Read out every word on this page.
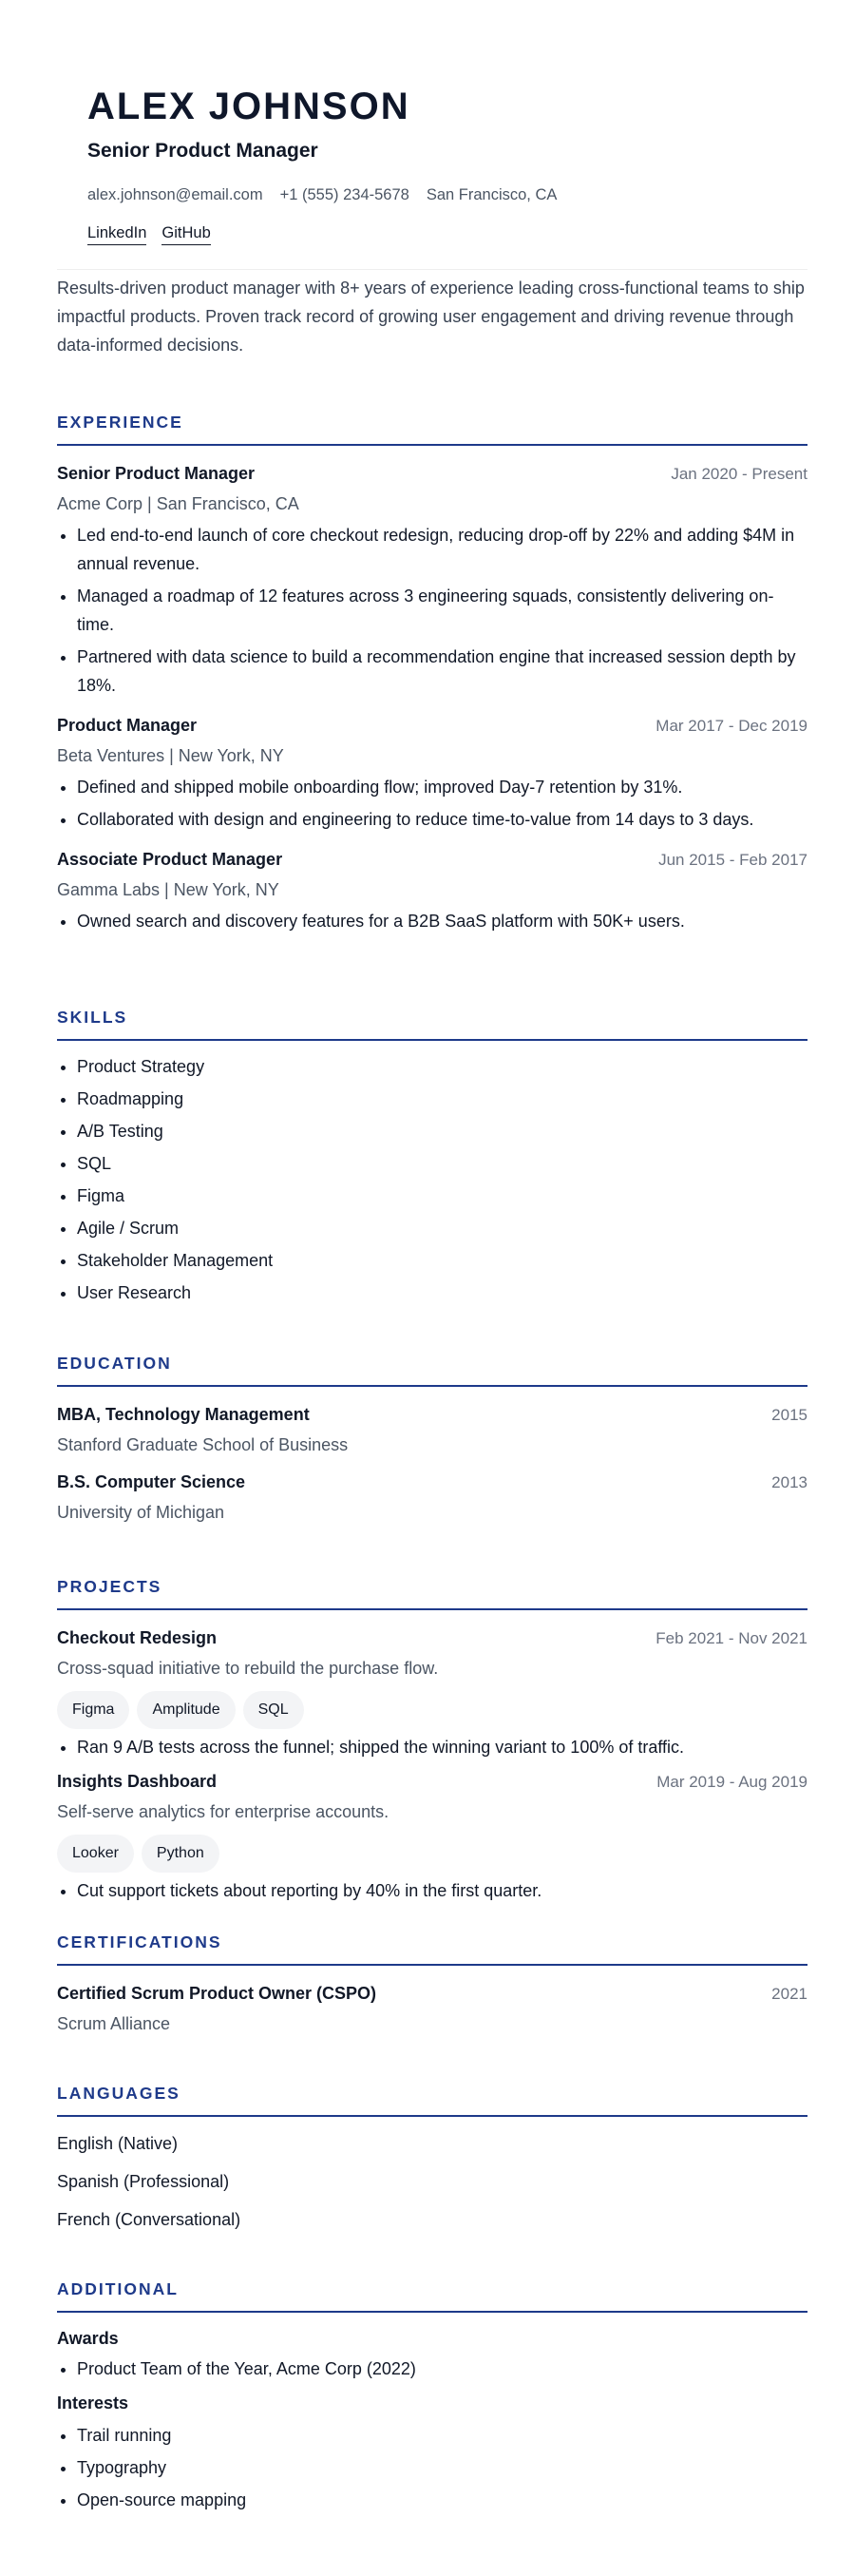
ALEX JOHNSON
Senior Product Manager
alex.johnson@email.com +1 (555) 234-5678 San Francisco, CA
LinkedIn GitHub
Results-driven product manager with 8+ years of experience leading cross-functional teams to ship impactful products. Proven track record of growing user engagement and driving revenue through data-informed decisions.
EXPERIENCE
Senior Product Manager	Jan 2020 - Present
Acme Corp | San Francisco, CA
• Led end-to-end launch of core checkout redesign, reducing drop-off by 22% and adding $4M in annual revenue.
• Managed a roadmap of 12 features across 3 engineering squads, consistently delivering on-time.
• Partnered with data science to build a recommendation engine that increased session depth by 18%.
Product Manager	Mar 2017 - Dec 2019
Beta Ventures | New York, NY
• Defined and shipped mobile onboarding flow; improved Day-7 retention by 31%.
• Collaborated with design and engineering to reduce time-to-value from 14 days to 3 days.
Associate Product Manager	Jun 2015 - Feb 2017
Gamma Labs | New York, NY
• Owned search and discovery features for a B2B SaaS platform with 50K+ users.
SKILLS
• Product Strategy
• Roadmapping
• A/B Testing
• SQL
• Figma
• Agile / Scrum
• Stakeholder Management
• User Research
EDUCATION
MBA, Technology Management	2015
Stanford Graduate School of Business
B.S. Computer Science	2013
University of Michigan
PROJECTS
Checkout Redesign	Feb 2021 - Nov 2021
Cross-squad initiative to rebuild the purchase flow.
Figma	Amplitude	SQL
• Ran 9 A/B tests across the funnel; shipped the winning variant to 100% of traffic.
Insights Dashboard	Mar 2019 - Aug 2019
Self-serve analytics for enterprise accounts.
Looker	Python
• Cut support tickets about reporting by 40% in the first quarter.
CERTIFICATIONS
Certified Scrum Product Owner (CSPO)	2021
Scrum Alliance
LANGUAGES
English (Native)
Spanish (Professional)
French (Conversational)
ADDITIONAL
Awards
• Product Team of the Year, Acme Corp (2022)
Interests
• Trail running
• Typography
• Open-source mapping
